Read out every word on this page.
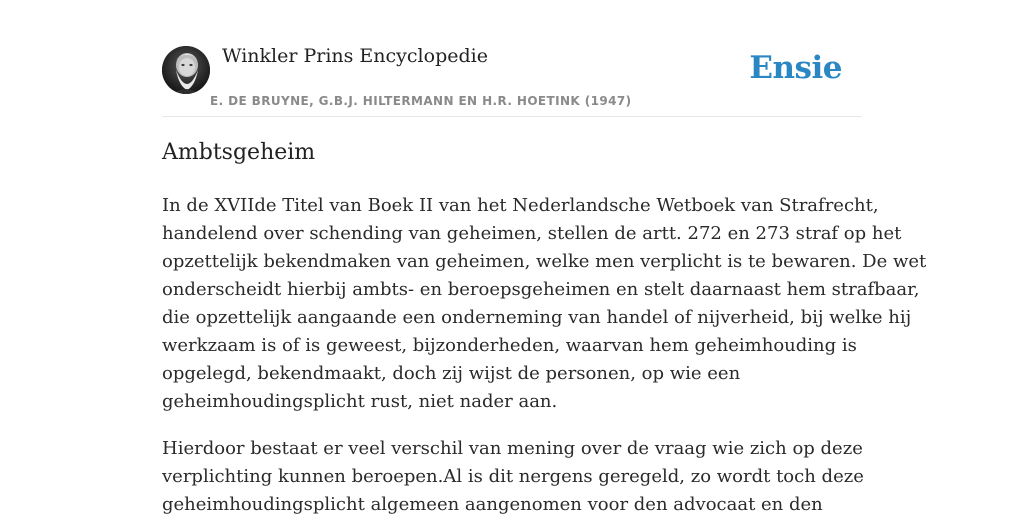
Winkler Prins Encyclopedie
E. DE BRUYNE, G.B.J. HILTERMANN EN H.R. HOETINK (1947)
Ensie
Ambtsgeheim

In de XVIIde Titel van Boek II van het Nederlandsche Wetboek van Strafrecht,
handelend over schending van geheimen, stellen de artt. 272 en 273 straf op het
opzettelijk bekendmaken van geheimen, welke men verplicht is te bewaren. De wet
onderscheidt hierbij ambts- en beroepsgeheimen en stelt daarnaast hem strafbaar,
die opzettelijk aangaande een onderneming van handel of nijverheid, bij welke hij
werkzaam is of is geweest, bijzonderheden, waarvan hem geheimhouding is
opgelegd, bekendmaakt, doch zij wijst de personen, op wie een
geheimhoudingsplicht rust, niet nader aan.

Hierdoor bestaat er veel verschil van mening over de vraag wie zich op deze
verplichting kunnen beroepen.Al is dit nergens geregeld, zo wordt toch deze
geheimhoudingsplicht algemeen aangenomen voor den advocaat en den
